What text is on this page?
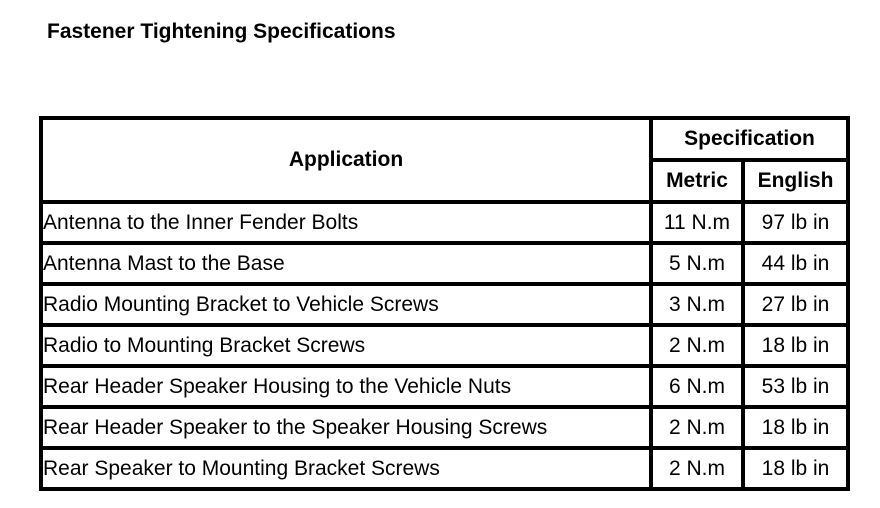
Fastener Tightening Specifications
Application	Specification	
	Metric	English
Antenna to the Inner Fender Bolts	11 N.m	97 lb in
Antenna Mast to the Base	5 N.m	44 lb in
Radio Mounting Bracket to Vehicle Screws	3 N.m	27 lb in
Radio to Mounting Bracket Screws	2 N.m	18 lb in
Rear Header Speaker Housing to the Vehicle Nuts	6 N.m	53 lb in
Rear Header Speaker to the Speaker Housing Screws	2 N.m	18 lb in
Rear Speaker to Mounting Bracket Screws	2 N.m	18 lb in
